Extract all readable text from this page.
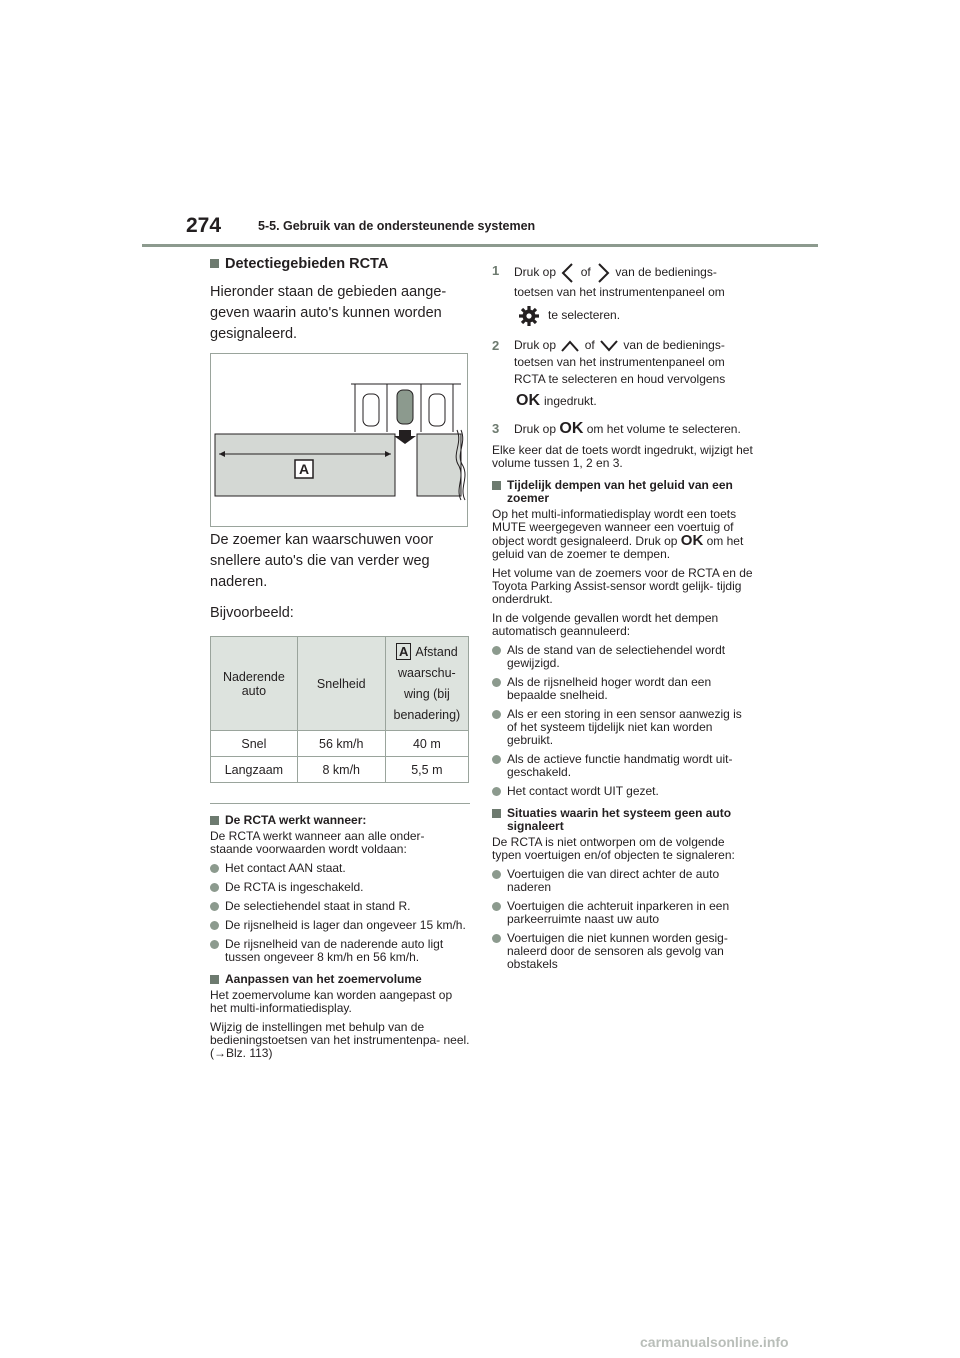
274	5-5. Gebruik van de ondersteunende systemen
Detectiegebieden RCTA

Hieronder staan de gebieden aange- geven waarin auto's kunnen worden gesignaleerd.

A

De zoemer kan waarschuwen voor snellere auto's die van verder weg naderen.

Bijvoorbeeld:

Naderende auto	Snelheid	A Afstand
waarschu- wing (bij benadering)

Snel	56 km/h	40 m
Langzaam	8 km/h	5,5 m
De RCTA werkt wanneer:

De RCTA werkt wanneer aan alle onder- staande voorwaarden wordt voldaan:

Het contact AAN staat.
De RCTA is ingeschakeld.
De selectiehendel staat in stand R.
De rijsnelheid is lager dan ongeveer 15 km/h.
De rijsnelheid van de naderende auto ligt tussen ongeveer 8 km/h en 56 km/h.
Aanpassen van het zoemervolume

Het zoemervolume kan worden aangepast op het multi-informatiedisplay.

Wijzig de instellingen met behulp van de bedieningstoetsen van het instrumentenpa- neel. (→Blz. 113)

1	Druk op of van de bedienings- toetsen van het instrumentenpaneel om
te selecteren.
2	Druk op of van de bedienings- toetsen van het instrumentenpaneel om RCTA te selecteren en houd vervolgens
OK ingedrukt.
3	Druk op OK om het volume te selecteren.

Elke keer dat de toets wordt ingedrukt, wijzigt het volume tussen 1, 2 en 3.

Tijdelijk dempen van het geluid van een zoemer

Op het multi-informatiedisplay wordt een toets MUTE weergegeven wanneer een voertuig of object wordt gesignaleerd. Druk op OK om het geluid van de zoemer te dempen.

Het volume van de zoemers voor de RCTA en de Toyota Parking Assist-sensor wordt gelijk- tijdig onderdrukt.

In de volgende gevallen wordt het dempen automatisch geannuleerd:

Als de stand van de selectiehendel wordt gewijzigd.
Als de rijsnelheid hoger wordt dan een bepaalde snelheid.
Als er een storing in een sensor aanwezig is of het systeem tijdelijk niet kan worden gebruikt.
Als de actieve functie handmatig wordt uit- geschakeld.
Het contact wordt UIT gezet.
Situaties waarin het systeem geen auto signaleert

De RCTA is niet ontworpen om de volgende typen voertuigen en/of objecten te signaleren:

Voertuigen die van direct achter de auto naderen
Voertuigen die achteruit inparkeren in een parkeerruimte naast uw auto
Voertuigen die niet kunnen worden gesig- naleerd door de sensoren als gevolg van obstakels
carmanualsonline.info
